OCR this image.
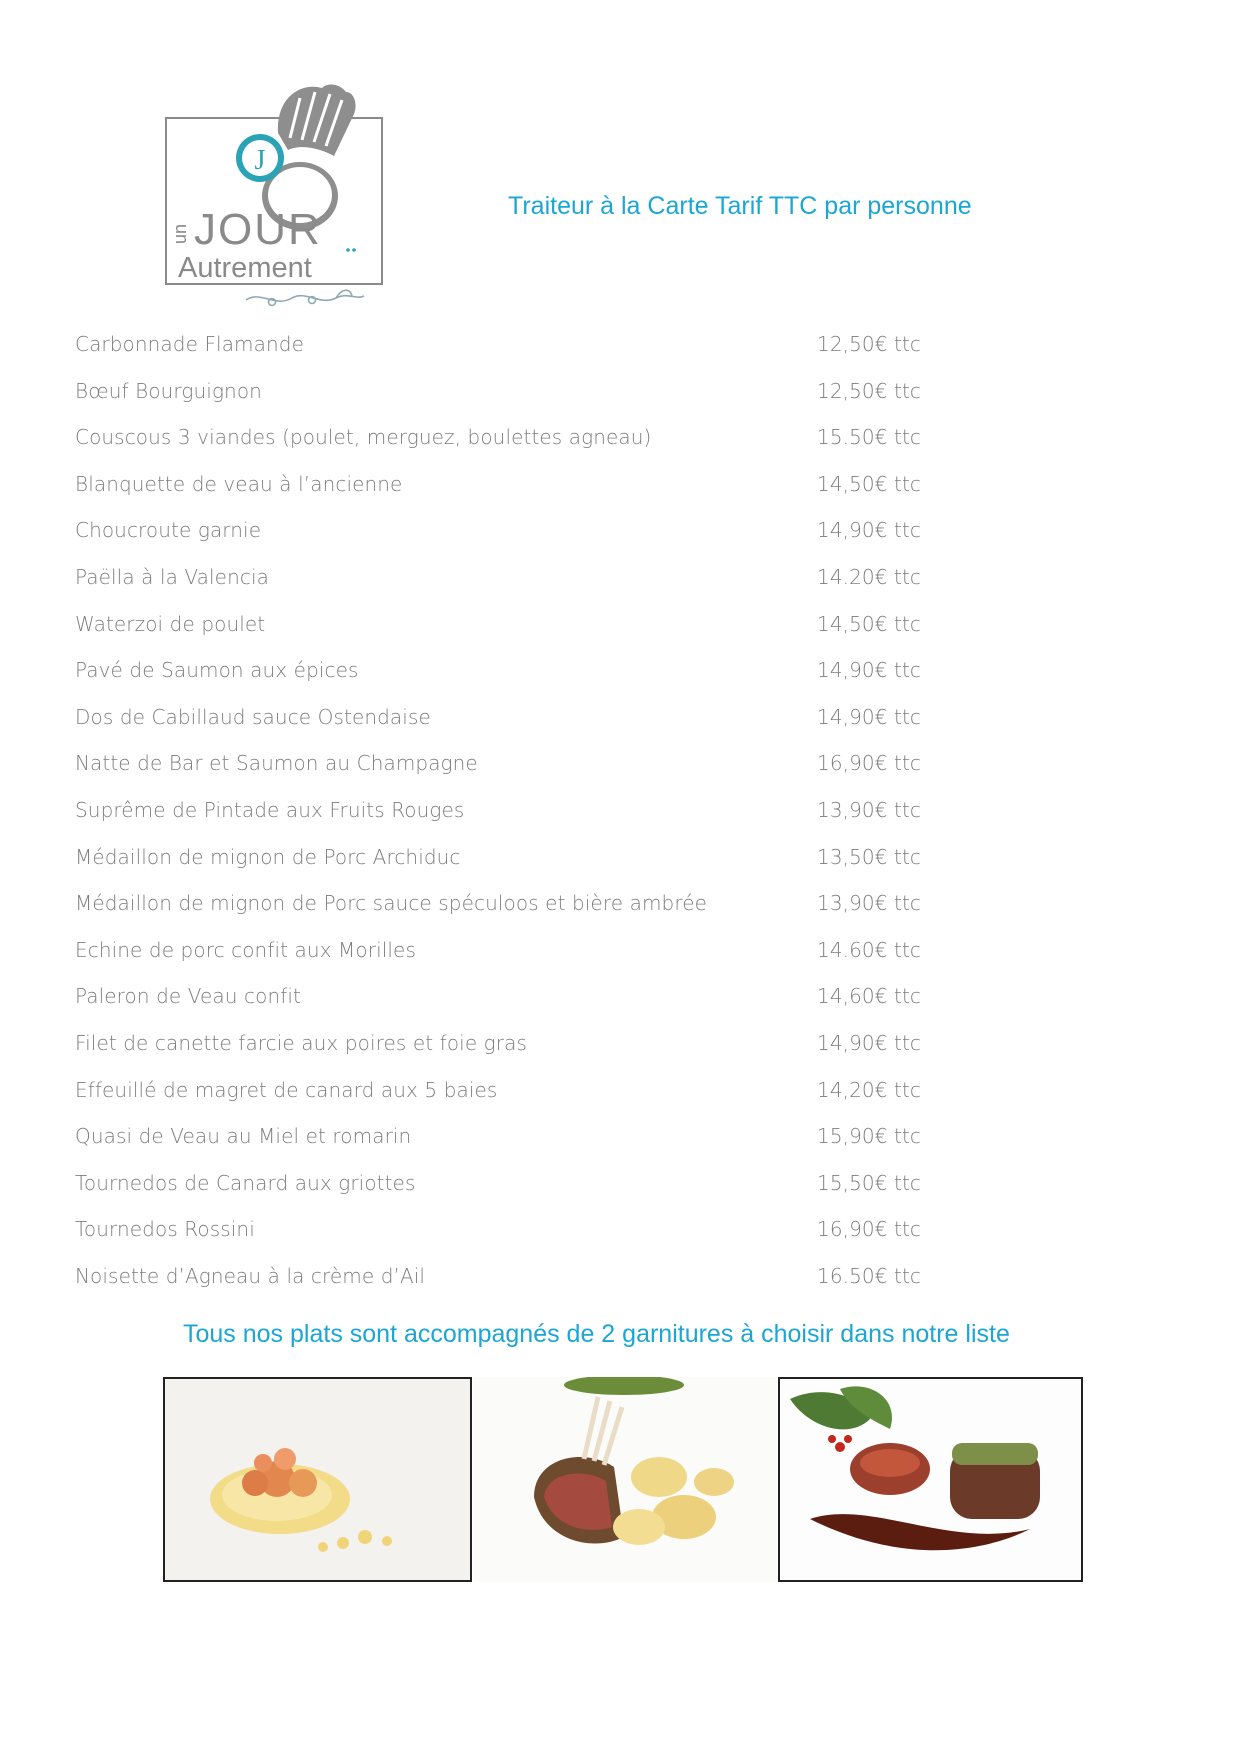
J
un JOUR
Autrement
Traiteur à la Carte Tarif TTC par personne
Carbonnade Flamande	12,50€ ttc
Bœuf Bourguignon	12,50€ ttc
Couscous 3 viandes (poulet, merguez, boulettes agneau)	15.50€ ttc
Blanquette de veau à l’ancienne	14,50€ ttc
Choucroute garnie	14,90€ ttc
Paëlla à la Valencia	14.20€ ttc
Waterzoi de poulet	14,50€ ttc
Pavé de Saumon aux épices	14,90€ ttc
Dos de Cabillaud sauce Ostendaise	14,90€ ttc
Natte de Bar et Saumon au Champagne	16,90€ ttc
Suprême de Pintade aux Fruits Rouges	13,90€ ttc
Médaillon de mignon de Porc Archiduc	13,50€ ttc
Médaillon de mignon de Porc sauce spéculoos et bière ambrée	13,90€ ttc
Echine de porc confit aux Morilles	14.60€ ttc
Paleron de Veau confit	14,60€ ttc
Filet de canette farcie aux poires et foie gras	14,90€ ttc
Effeuillé de magret de canard aux 5 baies	14,20€ ttc
Quasi de Veau au Miel et romarin	15,90€ ttc
Tournedos de Canard aux griottes	15,50€ ttc
Tournedos Rossini	16,90€ ttc
Noisette d’Agneau à la crème d’Ail	16.50€ ttc
Tous nos plats sont accompagnés de 2 garnitures à choisir dans notre liste
